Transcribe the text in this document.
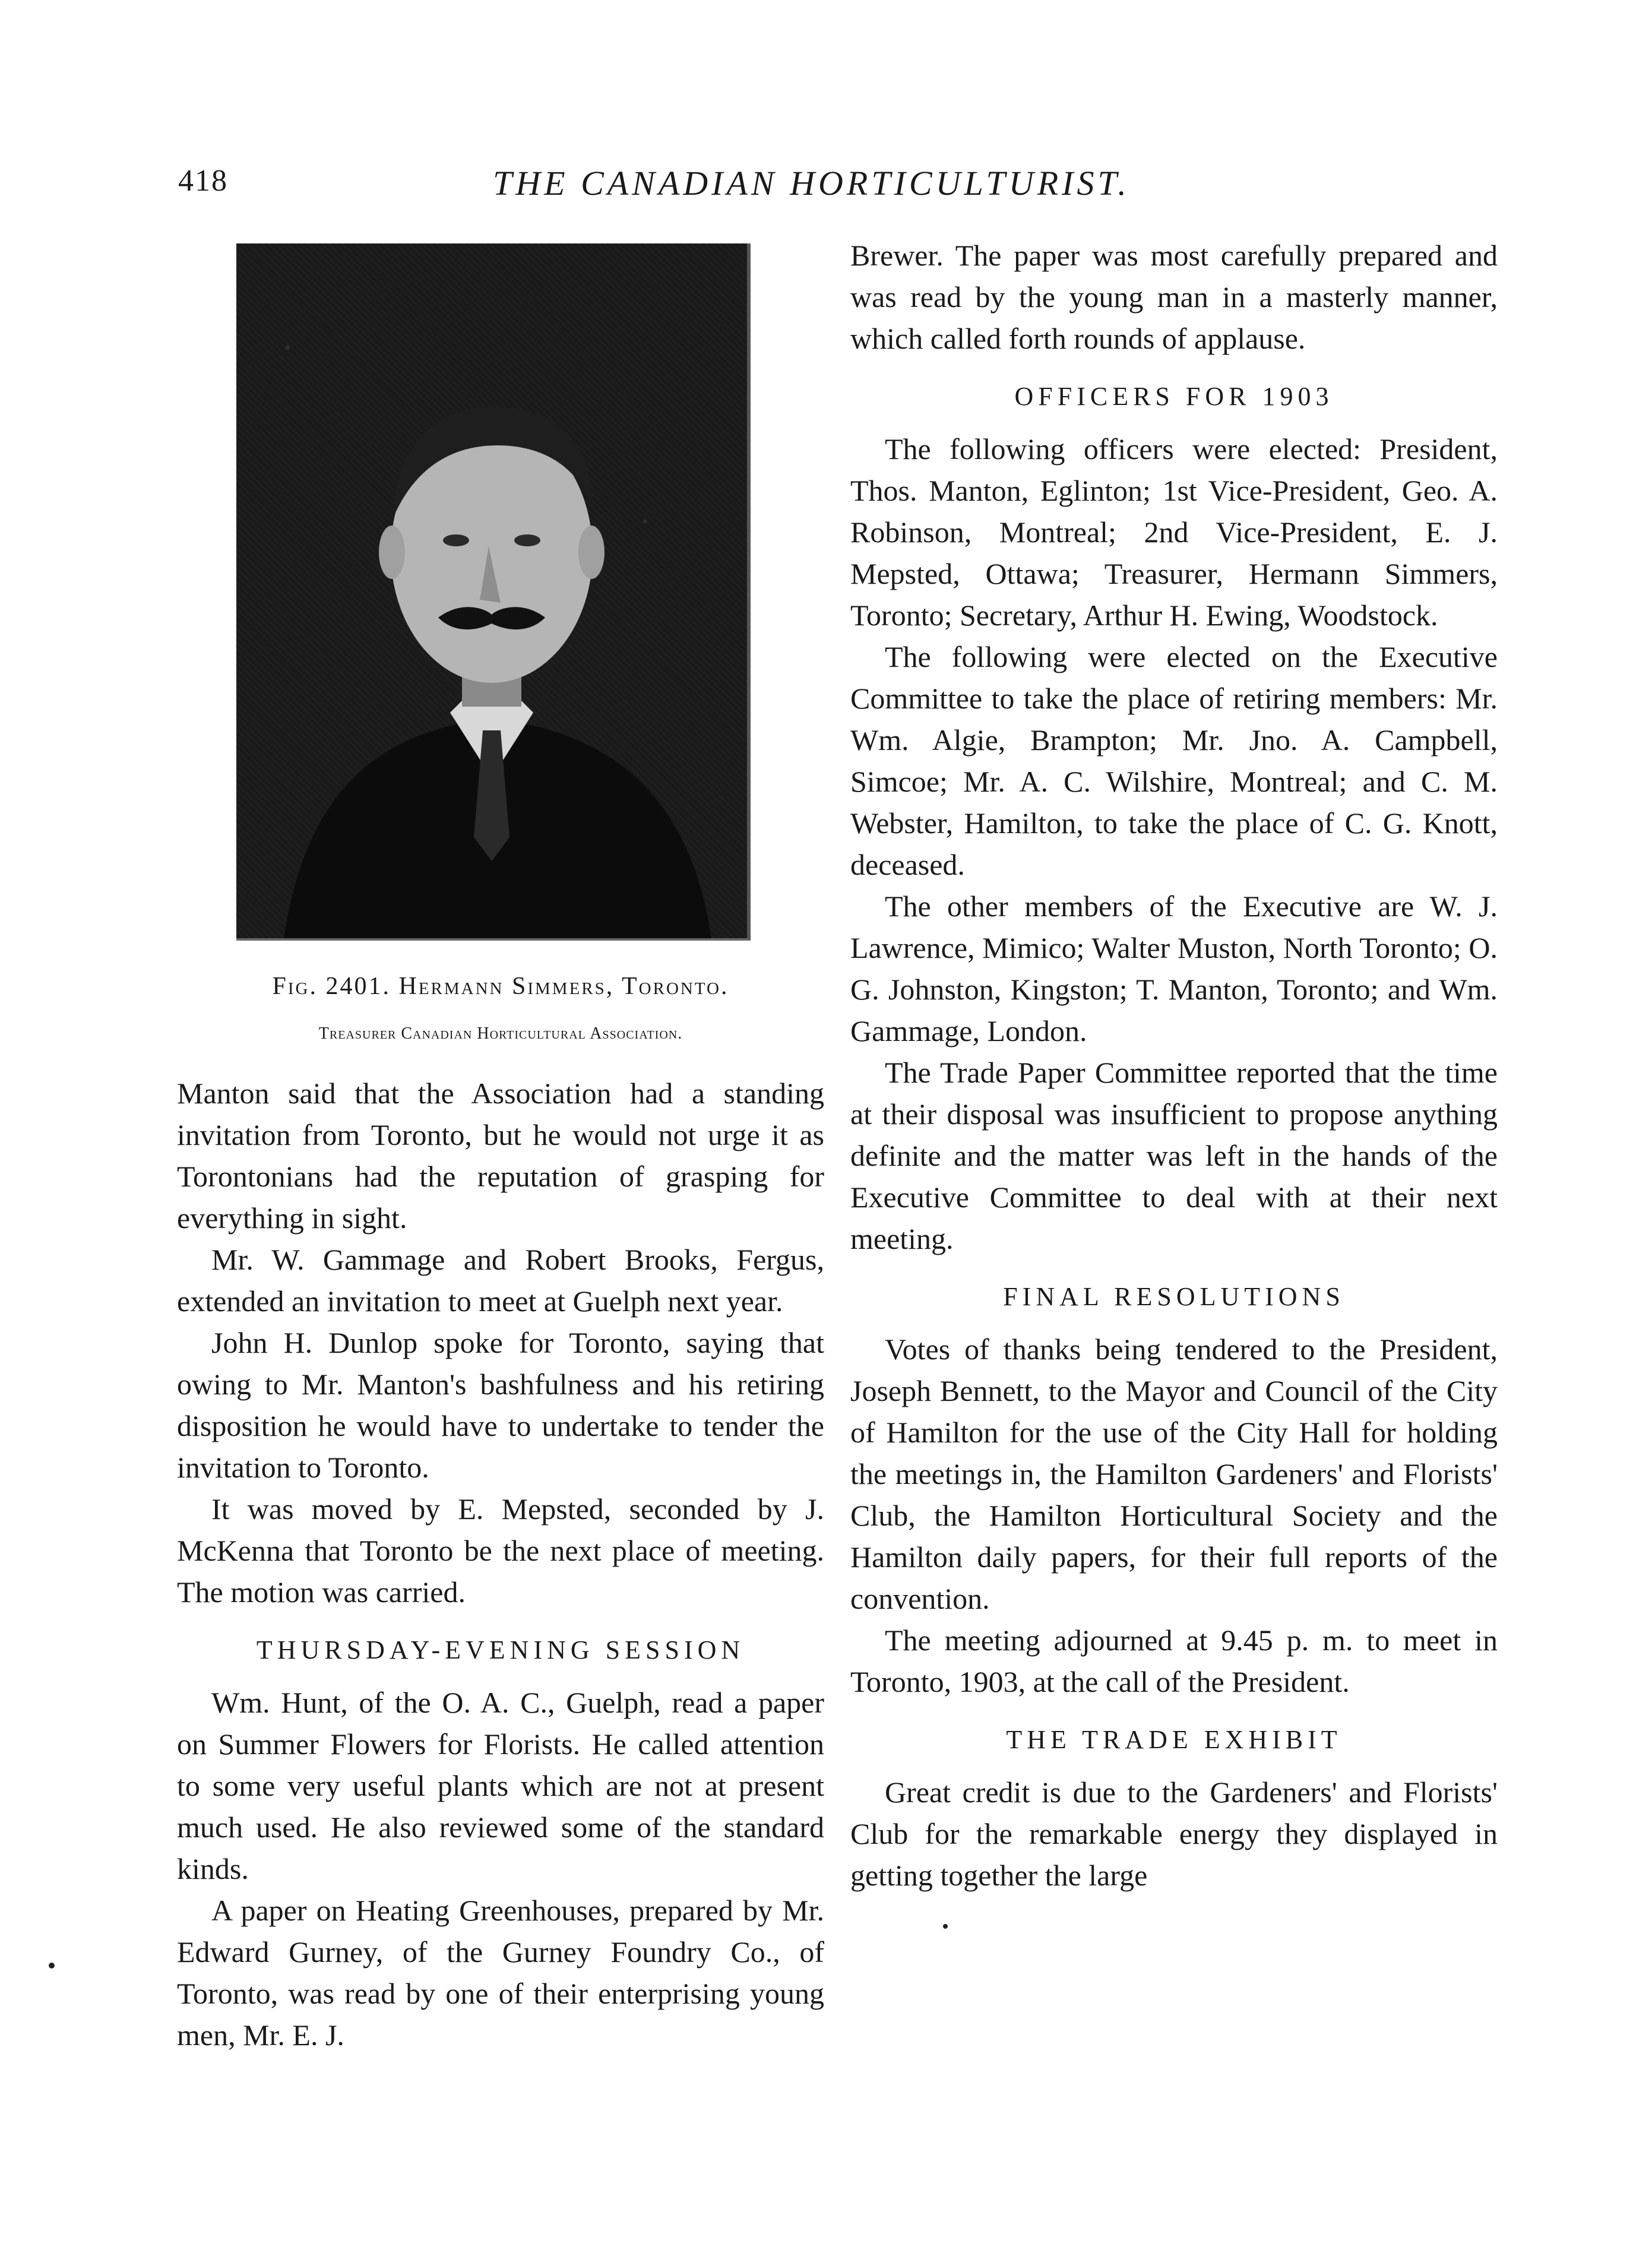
418	THE CANADIAN HORTICULTURIST.
Fig. 2401. Hermann Simmers, Toronto.
Treasurer Canadian Horticultural Association.

Manton said that the Association had a standing invitation from Toronto, but he would not urge it as Torontonians had the reputation of grasping for everything in sight.

Mr. W. Gammage and Robert Brooks, Fergus, extended an invitation to meet at Guelph next year.

John H. Dunlop spoke for Toronto, saying that owing to Mr. Manton's bashfulness and his retiring disposition he would have to undertake to tender the invitation to Toronto.

It was moved by E. Mepsted, seconded by J. McKenna that Toronto be the next place of meeting. The motion was carried.

THURSDAY-EVENING SESSION

Wm. Hunt, of the O. A. C., Guelph, read a paper on Summer Flowers for Florists. He called attention to some very useful plants which are not at present much used. He also reviewed some of the standard kinds.

A paper on Heating Greenhouses, prepared by Mr. Edward Gurney, of the Gurney Foundry Co., of Toronto, was read by one of their enterprising young men, Mr. E. J.

Brewer. The paper was most carefully prepared and was read by the young man in a masterly manner, which called forth rounds of applause.

OFFICERS FOR 1903

The following officers were elected: President, Thos. Manton, Eglinton; 1st Vice-President, Geo. A. Robinson, Montreal; 2nd Vice-President, E. J. Mepsted, Ottawa; Treasurer, Hermann Simmers, Toronto; Secretary, Arthur H. Ewing, Woodstock.

The following were elected on the Executive Committee to take the place of retiring members: Mr. Wm. Algie, Brampton; Mr. Jno. A. Campbell, Simcoe; Mr. A. C. Wilshire, Montreal; and C. M. Webster, Hamilton, to take the place of C. G. Knott, deceased.

The other members of the Executive are W. J. Lawrence, Mimico; Walter Muston, North Toronto; O. G. Johnston, Kingston; T. Manton, Toronto; and Wm. Gammage, London.

The Trade Paper Committee reported that the time at their disposal was insufficient to propose anything definite and the matter was left in the hands of the Executive Committee to deal with at their next meeting.

FINAL RESOLUTIONS

Votes of thanks being tendered to the President, Joseph Bennett, to the Mayor and Council of the City of Hamilton for the use of the City Hall for holding the meetings in, the Hamilton Gardeners' and Florists' Club, the Hamilton Horticultural Society and the Hamilton daily papers, for their full reports of the convention.

The meeting adjourned at 9.45 p. m. to meet in Toronto, 1903, at the call of the President.

THE TRADE EXHIBIT

Great credit is due to the Gardeners' and Florists' Club for the remarkable energy they displayed in getting together the large
